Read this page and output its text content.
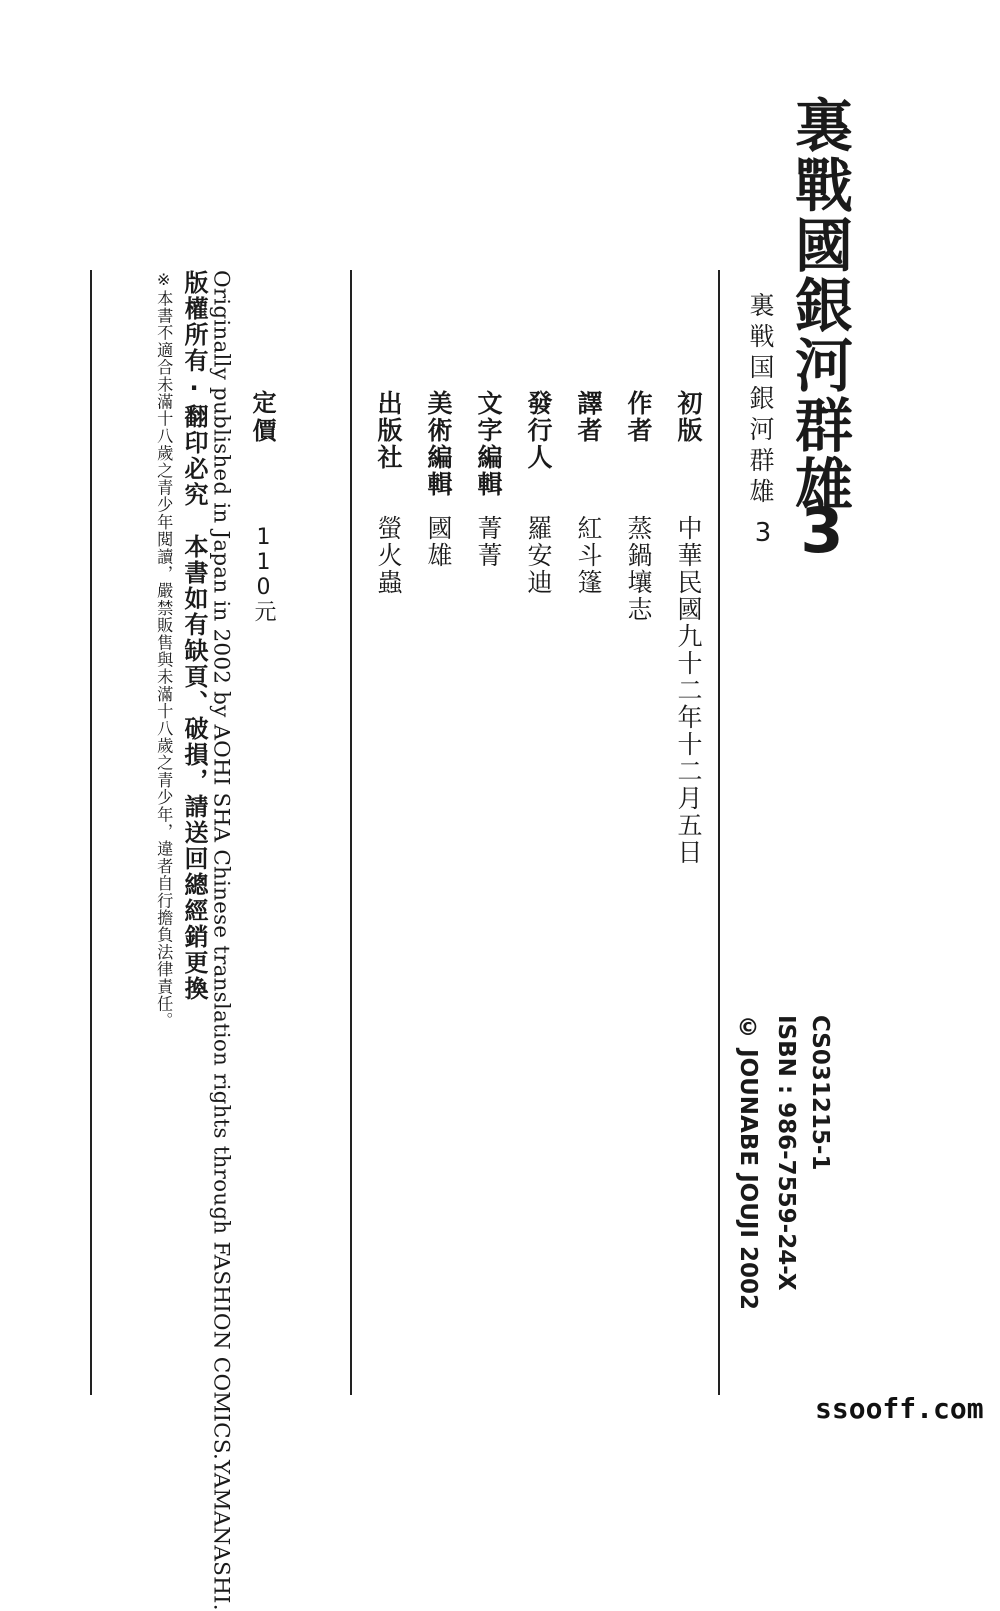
裏戰國銀河群雄
3
裏戦国銀河群雄
3
初版
中華民國九十二年十二月五日
作者
蒸鍋壤志
譯者
紅斗篷
發行人
羅安迪
文字編輯
菁菁
美術編輯
國雄
出版社
螢火蟲
定價
110元
Originally published in Japan in 2002 by AOHI SHA Chinese translation rights through FASHION COMICS.YAMANASHI.
版權所有·翻印必究　本書如有缺頁、破損，請送回總經銷更換
※本書不適合未滿十八歲之青少年閱讀，嚴禁販售與未滿十八歲之青少年，違者自行擔負法律責任。
CS031215-1
ISBN : 986-7559-24-X
© JOUNABE JOUJI 2002
ssooff.com
